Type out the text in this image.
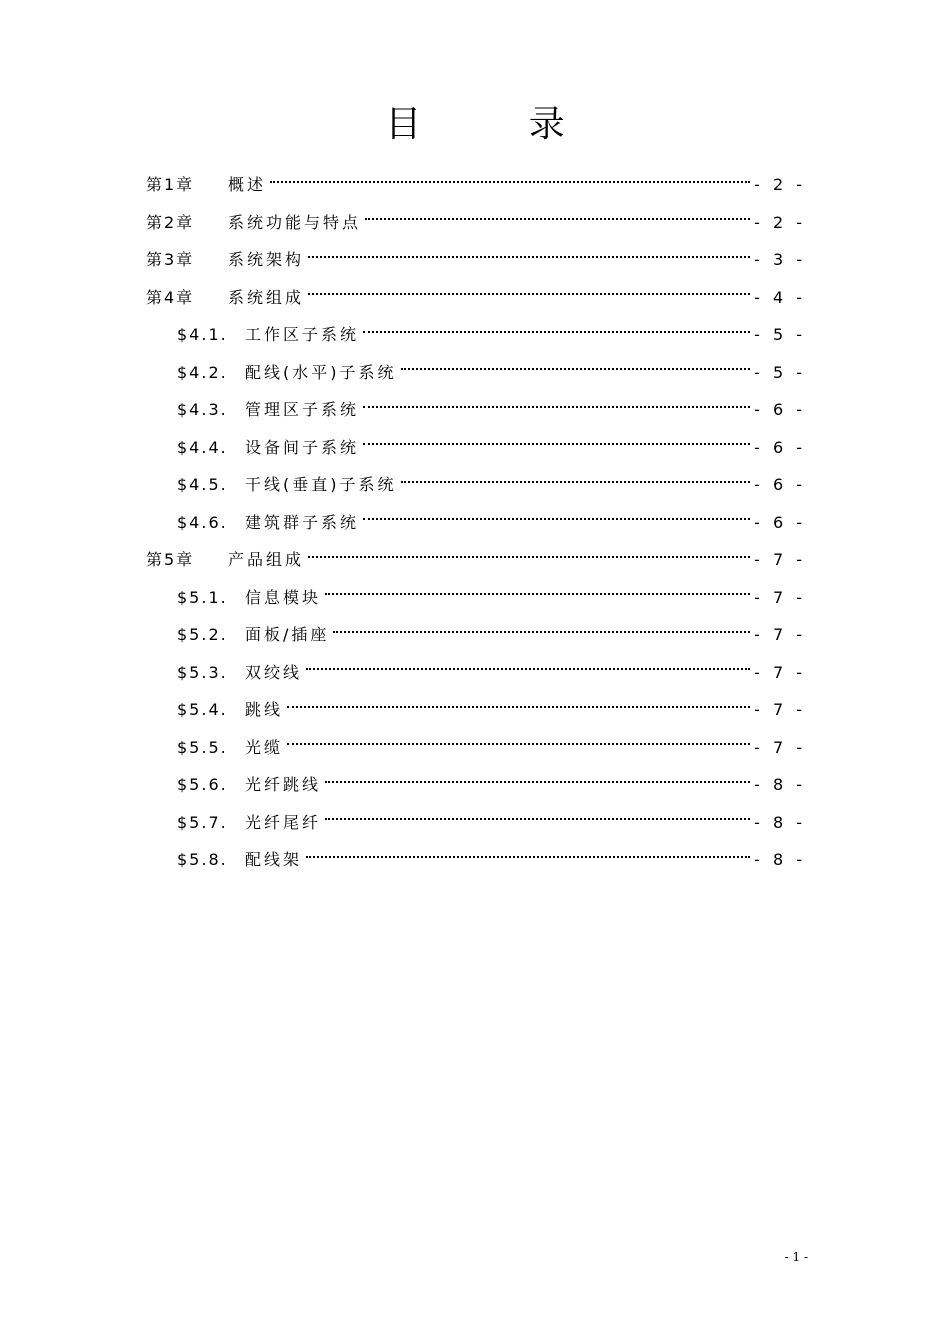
目 录
第1章	概述	- 2 -
第2章	系统功能与特点	- 2 -
第3章	系统架构	- 3 -
第4章	系统组成	- 4 -
$4.1.	工作区子系统	- 5 -
$4.2.	配线(水平)子系统	- 5 -
$4.3.	管理区子系统	- 6 -
$4.4.	设备间子系统	- 6 -
$4.5.	干线(垂直)子系统	- 6 -
$4.6.	建筑群子系统	- 6 -
第5章	产品组成	- 7 -
$5.1.	信息模块	- 7 -
$5.2.	面板/插座	- 7 -
$5.3.	双绞线	- 7 -
$5.4.	跳线	- 7 -
$5.5.	光缆	- 7 -
$5.6.	光纤跳线	- 8 -
$5.7.	光纤尾纤	- 8 -
$5.8.	配线架	- 8 -
- 1 -
